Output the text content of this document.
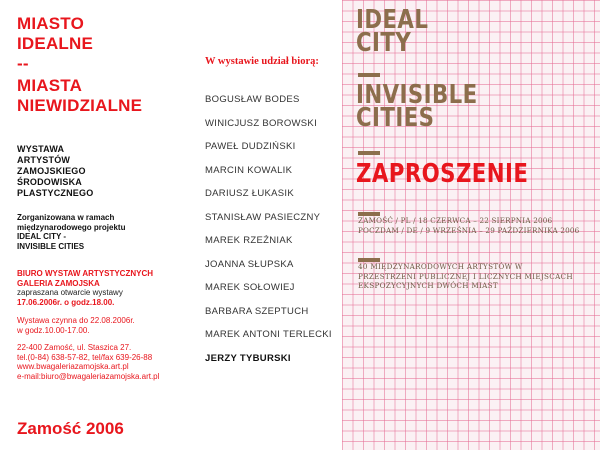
MIASTO
IDEALNE
--
MIASTA
NIEWIDZIALNE
WYSTAWA
ARTYSTÓW
ZAMOJSKIEGO
ŚRODOWISKA
PLASTYCZNEGO
Zorganizowana w ramach
międzynarodowego projektu
IDEAL CITY -
INVISIBLE CITIES
BIURO WYSTAW ARTYSTYCZNYCH
GALERIA ZAMOJSKA
zapraszana otwarcie wystawy
17.06.2006r. o godz.18.00.
Wystawa czynna do 22.08.2006r.
w godz.10.00-17.00.
22-400 Zamość, ul. Staszica 27.
tel.(0-84) 638-57-82, tel/fax 639-26-88
www.bwagaleriazamojska.art.pl
e-mail:biuro@bwagaleriazamojska.art.pl
Zamość 2006
W wystawie udział biorą:
BOGUSŁAW BODES
WINICJUSZ BOROWSKI
PAWEŁ DUDZIŃSKI
MARCIN KOWALIK
DARIUSZ ŁUKASIK
STANISŁAW PASIECZNY
MAREK RZEŹNIAK
JOANNA SŁUPSKA
MAREK SOŁOWIEJ
BARBARA SZEPTUCH
MAREK ANTONI TERLECKI
JERZY TYBURSKI
IDEAL
CITY
INVISIBLE
CITIES
ZAPROSZENIE
ZAMOŚĆ / PL / 18 CZERWCA – 22 SIERPNIA 2006
POCZDAM / DE / 9 WRZEŚNIA – 29 PAŹDZIERNIKA 2006
40 MIĘDZYNARODOWYCH ARTYSTÓW W
PRZESTRZENI PUBLICZNEJ I LICZNYCH MIEJSCACH
EKSPOZYCYJNYCH DWÓCH MIAST
